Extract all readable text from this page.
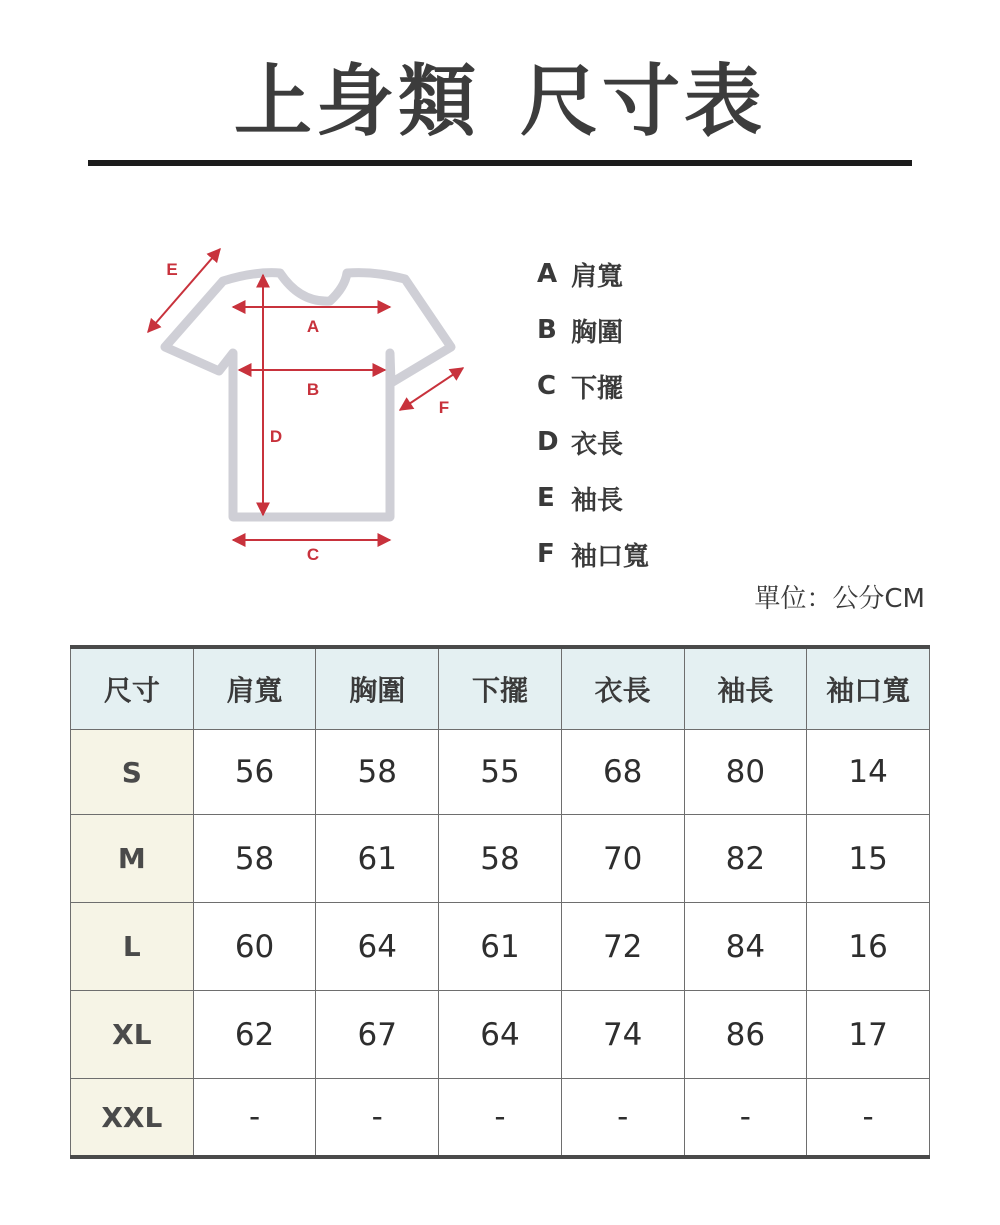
上身類 尺寸表
A
B
D
C
E
F
A 肩寬
B 胸圍
C 下擺
D 衣長
E 袖長
F 袖口寬
單位：公分CM
尺寸	肩寬	胸圍	下擺	衣長	袖長	袖口寬
S	56	58	55	68	80	14
M	58	61	58	70	82	15
L	60	64	61	72	84	16
XL	62	67	64	74	86	17
XXL	-	-	-	-	-	-
